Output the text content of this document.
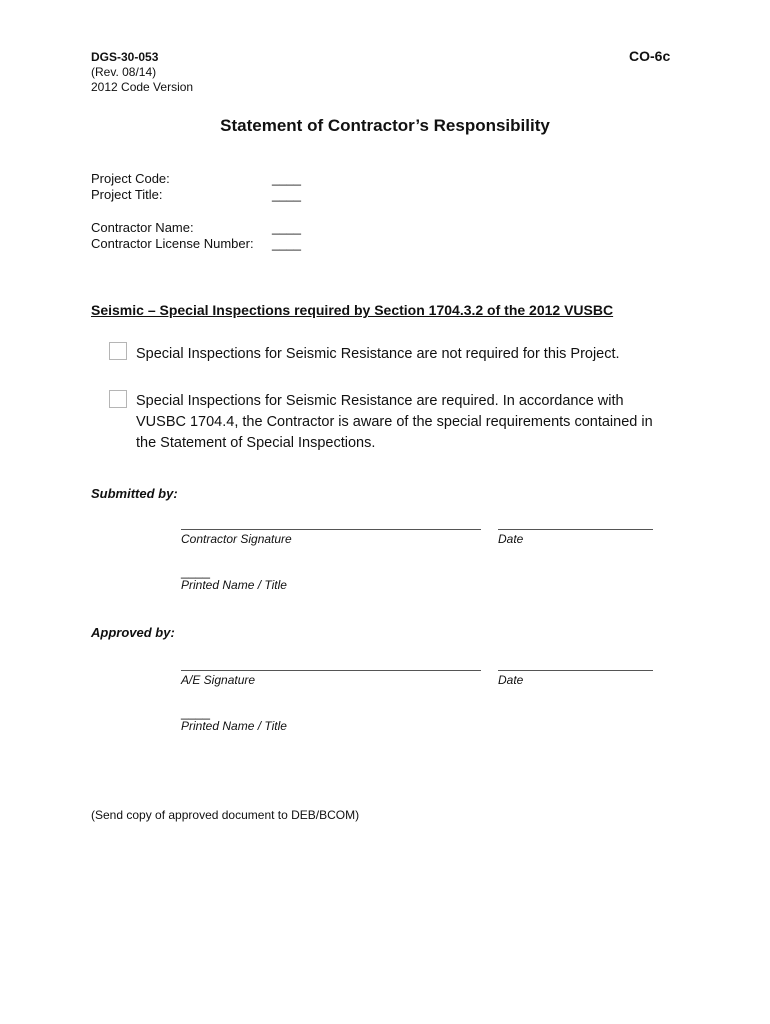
DGS-30-053
(Rev. 08/14)
2012 Code Version
CO-6c
Statement of Contractor’s Responsibility
Project Code:	____
Project Title:	____
Contractor Name:	____
Contractor License Number: ____
Seismic – Special Inspections required by Section 1704.3.2 of the 2012 VUSBC
Special Inspections for Seismic Resistance are not required for this Project.
Special Inspections for Seismic Resistance are required. In accordance with
VUSBC 1704.4, the Contractor is aware of the special requirements contained in
the Statement of Special Inspections.
Submitted by:
Contractor Signature	Date
____
Printed Name / Title
Approved by:
A/E Signature	Date
____
Printed Name / Title
(Send copy of approved document to DEB/BCOM)
